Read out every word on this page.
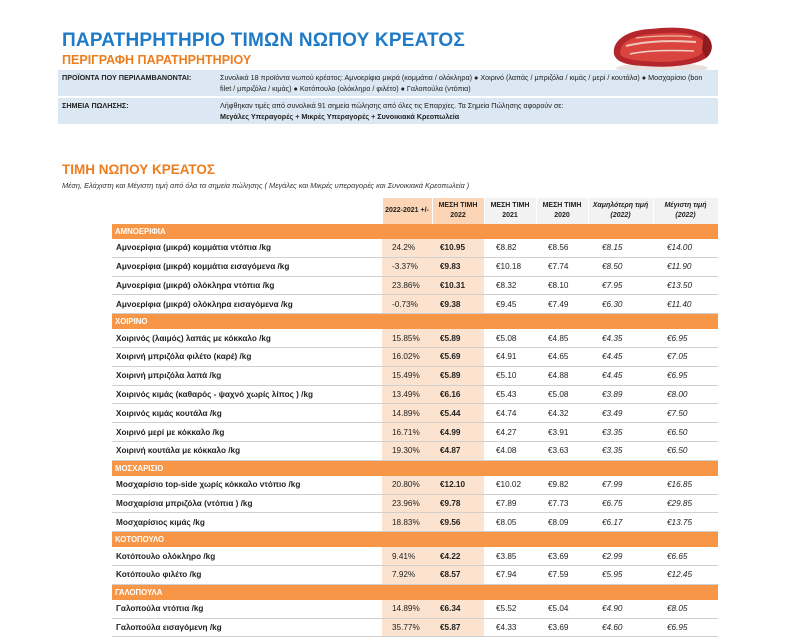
ΠΑΡΑΤΗΡΗΤΗΡΙΟ ΤΙΜΩΝ ΝΩΠΟΥ ΚΡΕΑΤΟΣ
ΠΕΡΙΓΡΑΦΗ ΠΑΡΑΤΗΡΗΤΗΡΙΟΥ
ΠΡΟΪΟΝΤΑ ΠΟΥ ΠΕΡΙΛΑΜΒΑΝΟΝΤΑΙ:	Συνολικά 18 προϊόντα νωπού κρέατος: Αμνοερίφια μικρά (κομμάτια / ολόκληρα) ● Χοιρινό (λαπάς / μπριζόλα / κιμάς / μερί / κουτάλα) ● Μοσχαρίσιο (bon filet / μπριζόλα / κιμάς) ● Κοτόπουλο (ολόκληρο / φιλέτο) ● Γαλοπούλα (ντόπια)

ΣΗΜΕΙΑ ΠΩΛΗΣΗΣ:	Λήφθηκαν τιμές από συνολικά 91 σημεία πώλησης από όλες τις Επαρχίες. Τα Σημεία Πώλησης αφορούν σε:
Μεγάλες Υπεραγορές + Μικρές Υπεραγορές + Συνοικιακά Κρεοπωλεία
ΤΙΜΗ ΝΩΠΟΥ ΚΡΕΑΤΟΣ
Μέση, Ελάχιστη και Μέγιστη τιμή από όλα τα σημεία πώλησης ( Μεγάλες και Μικρές υπεραγορές και Συνοικιακά Κρεοπωλεία )
	2022-2021 +/-	ΜΕΣΗ ΤΙΜΗ 2022	ΜΕΣΗ ΤΙΜΗ 2021	ΜΕΣΗ ΤΙΜΗ 2020	Χαμηλότερη τιμή (2022)	Μέγιστη τιμή (2022)
ΑΜΝΟΕΡΙΦΙΑ						
Αμνοερίφια (μικρά) κομμάτια ντόπια /kg	24.2%	€10.95	€8.82	€8.56	€8.15	€14.00
Αμνοερίφια (μικρά) κομμάτια εισαγόμενα /kg	-3.37%	€9.83	€10.18	€7.74	€8.50	€11.90
Αμνοερίφια (μικρά) ολόκληρα ντόπια /kg	23.86%	€10.31	€8.32	€8.10	€7.95	€13.50
Αμνοερίφια (μικρά) ολόκληρα εισαγόμενα /kg	-0.73%	€9.38	€9.45	€7.49	€6.30	€11.40
ΧΟΙΡΙΝΟ						
Χοιρινός (λαιμός) λαπάς με κόκκαλο /kg	15.85%	€5.89	€5.08	€4.85	€4.35	€6.95
Χοιρινή μπριζόλα φιλέτο (καρέ) /kg	16.02%	€5.69	€4.91	€4.65	€4.45	€7.05
Χοιρινή μπριζόλα λαπά /kg	15.49%	€5.89	€5.10	€4.88	€4.45	€6.95
Χοιρινός κιμάς (καθαρός - ψαχνό χωρίς λίπος ) /kg	13.49%	€6.16	€5.43	€5.08	€3.89	€8.00
Χοιρινός κιμάς κουτάλα /kg	14.89%	€5.44	€4.74	€4.32	€3.49	€7.50
Χοιρινό μερί με κόκκαλο /kg	16.71%	€4.99	€4.27	€3.91	€3.35	€6.50
Χοιρινή κουτάλα με κόκκαλο /kg	19.30%	€4.87	€4.08	€3.63	€3.35	€6.50
ΜΟΣΧΑΡΙΣΙΟ						
Μοσχαρίσιο top-side χωρίς κόκκαλο ντόπιο /kg	20.80%	€12.10	€10.02	€9.82	€7.99	€16.85
Μοσχαρίσια μπριζόλα (ντόπια ) /kg	23.96%	€9.78	€7.89	€7.73	€6.75	€29.85
Μοσχαρίσιος κιμάς /kg	18.83%	€9.56	€8.05	€8.09	€6.17	€13.75
ΚΟΤΟΠΟΥΛΟ						
Κοτόπουλο ολόκληρο /kg	9.41%	€4.22	€3.85	€3.69	€2.99	€6.65
Κοτόπουλο φιλέτο /kg	7.92%	€8.57	€7.94	€7.59	€5.95	€12.45
ΓΑΛΟΠΟΥΛΑ						
Γαλοπούλα ντόπια /kg	14.89%	€6.34	€5.52	€5.04	€4.90	€8.05
Γαλοπούλα εισαγόμενη /kg	35.77%	€5.87	€4.33	€3.69	€4.60	€6.95
